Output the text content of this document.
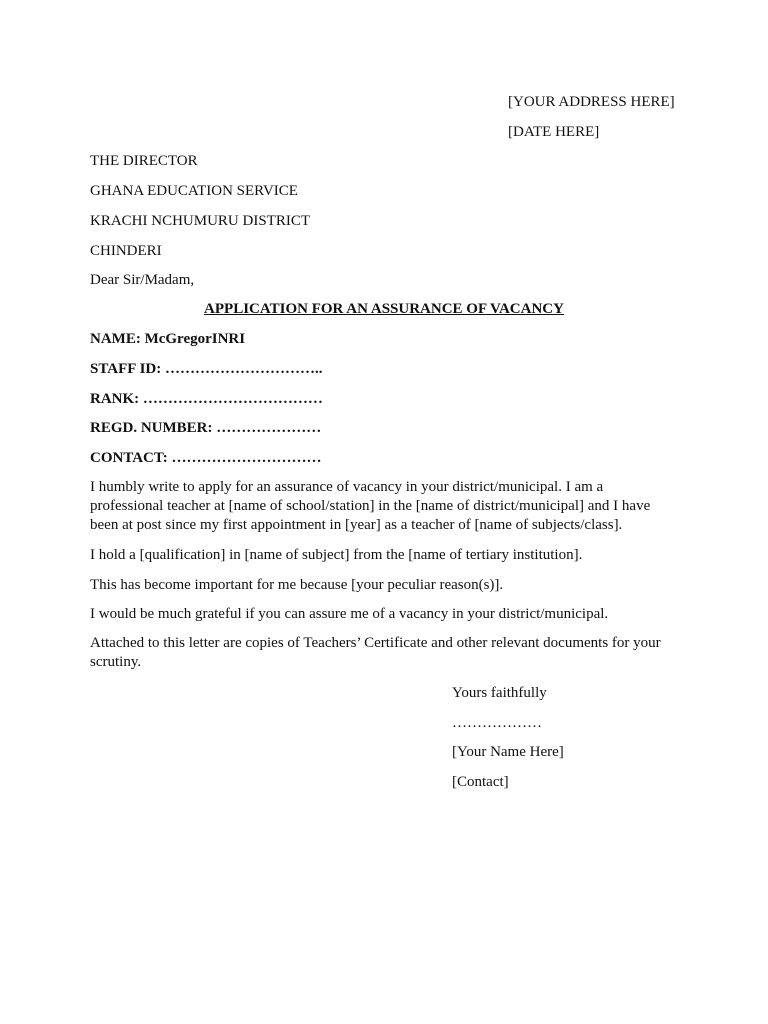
[YOUR ADDRESS HERE]
[DATE HERE]
THE DIRECTOR
GHANA EDUCATION SERVICE
KRACHI NCHUMURU DISTRICT
CHINDERI
Dear Sir/Madam,
APPLICATION FOR AN ASSURANCE OF VACANCY
NAME: McGregorINRI
STAFF ID: …………………………..
RANK: ………………………………
REGD. NUMBER: …………………
CONTACT: …………………………
I humbly write to apply for an assurance of vacancy in your district/municipal. I am a professional teacher at [name of school/station] in the [name of district/municipal] and I have been at post since my first appointment in [year] as a teacher of [name of subjects/class].
I hold a [qualification] in [name of subject] from the [name of tertiary institution].
This has become important for me because [your peculiar reason(s)].
I would be much grateful if you can assure me of a vacancy in your district/municipal.
Attached to this letter are copies of Teachers’ Certificate and other relevant documents for your scrutiny.
Yours faithfully
………………
[Your Name Here]
[Contact]
